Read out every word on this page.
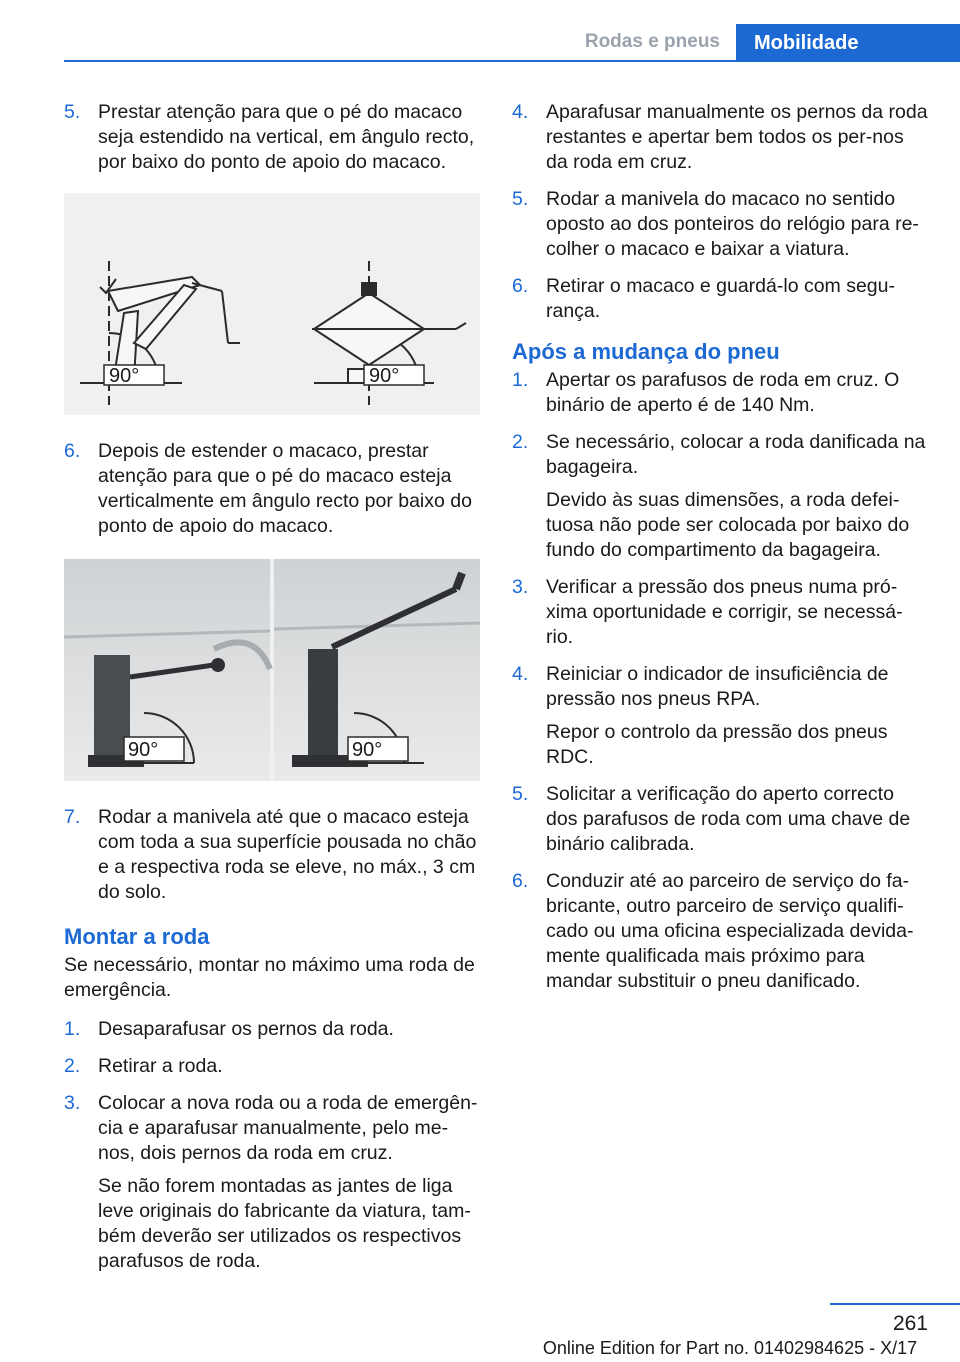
Rodas e pneus	Mobilidade
5. Prestar atenção para que o pé do macaco seja estendido na vertical, em ângulo recto, por baixo do ponto de apoio do macaco.
90°	90°
6. Depois de estender o macaco, prestar atenção para que o pé do macaco esteja verticalmente em ângulo recto por baixo do ponto de apoio do macaco.
90°	90°
7. Rodar a manivela até que o macaco esteja com toda a sua superfície pousada no chão e a respectiva roda se eleve, no máx., 3 cm do solo.
Montar a roda
Se necessário, montar no máximo uma roda de emergência.
1. Desaparafusar os pernos da roda.
2. Retirar a roda.
3. Colocar a nova roda ou a roda de emergên-cia e aparafusar manualmente, pelo me-nos, dois pernos da roda em cruz.

Se não forem montadas as jantes de liga leve originais do fabricante da viatura, tam-bém deverão ser utilizados os respectivos parafusos de roda.

4. Aparafusar manualmente os pernos da roda restantes e apertar bem todos os per-nos da roda em cruz.
5. Rodar a manivela do macaco no sentido oposto ao dos ponteiros do relógio para re-colher o macaco e baixar a viatura.
6. Retirar o macaco e guardá-lo com segu-rança.
Após a mudança do pneu
1. Apertar os parafusos de roda em cruz. O binário de aperto é de 140 Nm.
2. Se necessário, colocar a roda danificada na bagageira.

Devido às suas dimensões, a roda defei-tuosa não pode ser colocada por baixo do fundo do compartimento da bagageira.

3. Verificar a pressão dos pneus numa pró-xima oportunidade e corrigir, se necessá-rio.
4. Reiniciar o indicador de insuficiência de pressão nos pneus RPA.

Repor o controlo da pressão dos pneus RDC.

5. Solicitar a verificação do aperto correcto dos parafusos de roda com uma chave de binário calibrada.
6. Conduzir até ao parceiro de serviço do fa-bricante, outro parceiro de serviço qualifi-cado ou uma oficina especializada devida-mente qualificada mais próximo para mandar substituir o pneu danificado.
261
Online Edition for Part no. 01402984625 - X/17
